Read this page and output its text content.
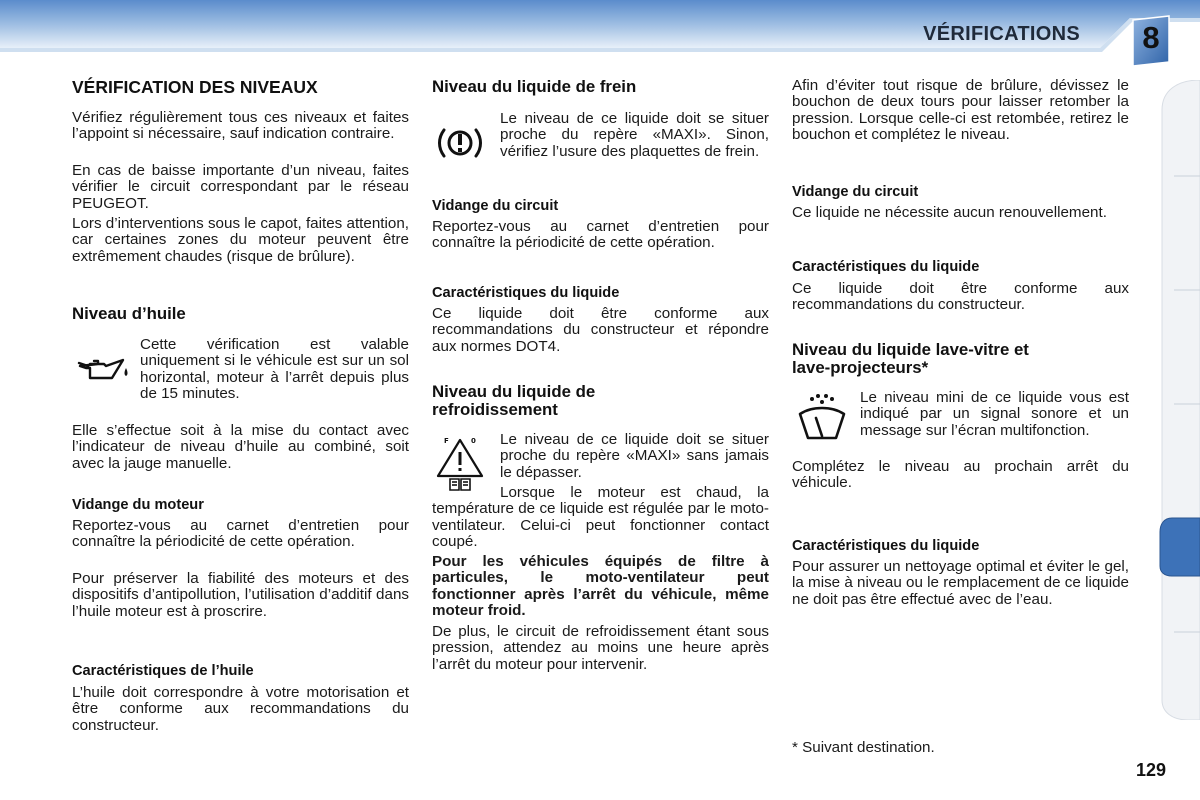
VÉRIFICATIONS	8

VÉRIFICATION DES NIVEAUX

Vérifiez régulièrement tous ces niveaux et faites l’appoint si nécessaire, sauf indication contraire.

En cas de baisse importante d’un niveau, faites vérifier le circuit correspondant par le réseau PEUGEOT.

Lors d’interventions sous le capot, faites attention, car certaines zones du moteur peuvent être extrêmement chaudes (risque de brûlure).

Niveau d’huile

Cette vérification est valable uniquement si le véhicule est sur un sol horizontal, moteur à l’arrêt depuis plus de 15 minutes.

Elle s’effectue soit à la mise du contact avec l’indicateur de niveau d’huile au combiné, soit avec la jauge manuelle.

Vidange du moteur

Reportez-vous au carnet d’entretien pour connaître la périodicité de cette opération.

Pour préserver la fiabilité des moteurs et des dispositifs d’antipollution, l’utilisation d’additif dans l’huile moteur est à proscrire.

Caractéristiques de l’huile

L’huile doit correspondre à votre motorisation et être conforme aux recommandations du constructeur.

Niveau du liquide de frein

Le niveau de ce liquide doit se situer proche du repère «MAXI». Sinon, vérifiez l’usure des plaquettes de frein.

Vidange du circuit

Reportez-vous au carnet d’entretien pour connaître la périodicité de cette opération.

Caractéristiques du liquide

Ce liquide doit être conforme aux recommandations du constructeur et répondre aux normes DOT4.

Niveau du liquide de

refroidissement

F	0 Le niveau de ce liquide doit se situer proche du repère «MAXI» sans jamais le dépasser.

Lorsque le moteur est chaud, la température de ce liquide est régulée par le moto-ventilateur. Celui-ci peut fonctionner contact coupé.

Pour les véhicules équipés de filtre à particules, le moto-ventilateur peut fonctionner après l’arrêt du véhicule, même moteur froid.

De plus, le circuit de refroidissement étant sous pression, attendez au moins une heure après l’arrêt du moteur pour intervenir.

Afin d’éviter tout risque de brûlure, dévissez le bouchon de deux tours pour laisser retomber la pression. Lorsque celle-ci est retombée, retirez le bouchon et complétez le niveau.

Vidange du circuit

Ce liquide ne nécessite aucun renouvellement.

Caractéristiques du liquide

Ce liquide doit être conforme aux recommandations du constructeur.

Niveau du liquide lave-vitre et

lave-projecteurs*

Le niveau mini de ce liquide vous est indiqué par un signal sonore et un message sur l’écran multifonction.

Complétez le niveau au prochain arrêt du véhicule.

Caractéristiques du liquide

Pour assurer un nettoyage optimal et éviter le gel, la mise à niveau ou le remplacement de ce liquide ne doit pas être effectué avec de l’eau.

* Suivant destination.
129
